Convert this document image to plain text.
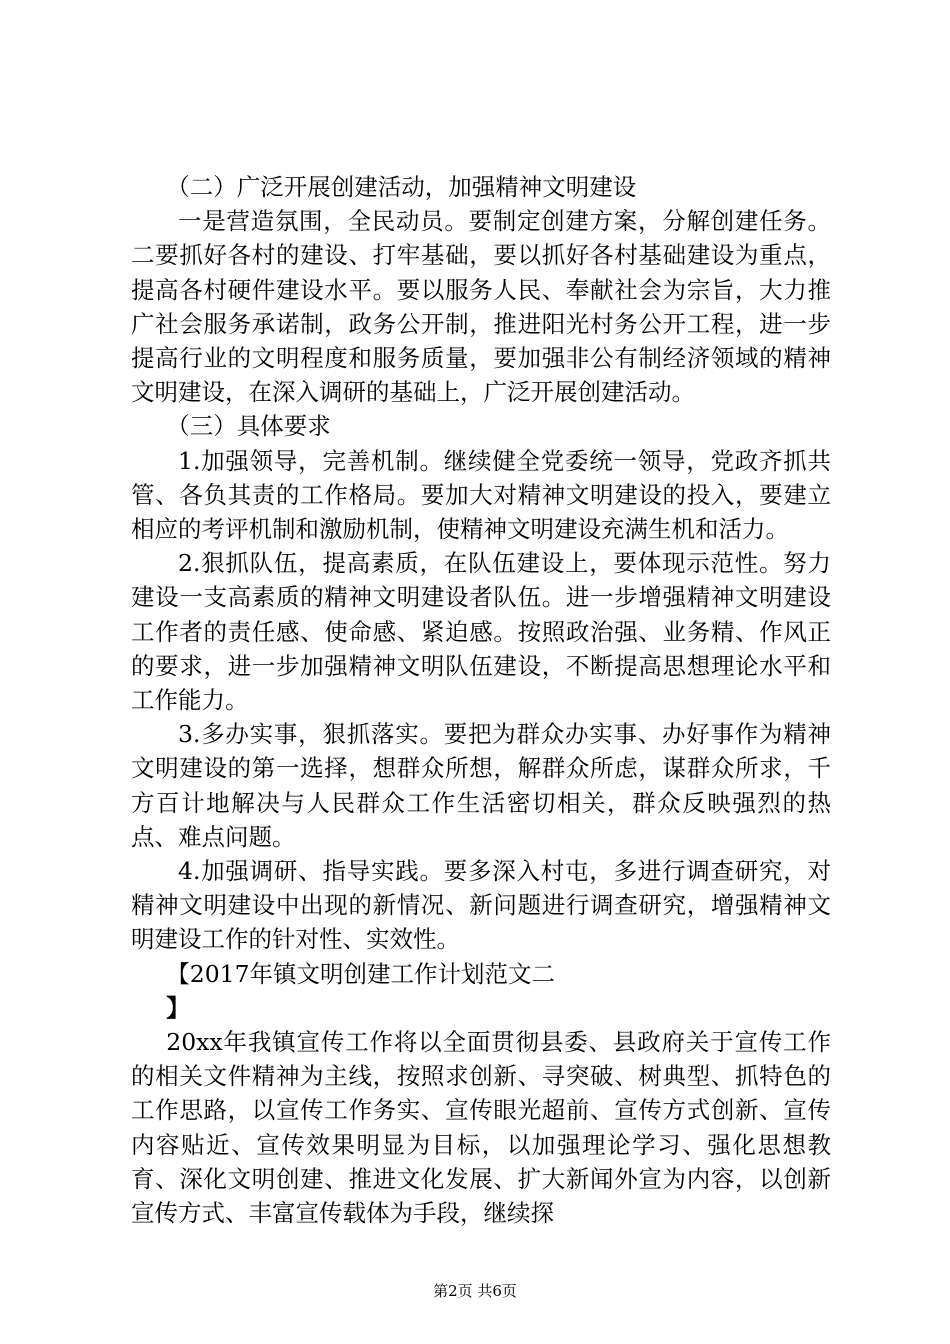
（二）广泛开展创建活动，加强精神文明建设

一是营造氛围，全民动员。要制定创建方案，分解创建任务。二要抓好各村的建设、打牢基础，要以抓好各村基础建设为重点，提高各村硬件建设水平。要以服务人民、奉献社会为宗旨，大力推广社会服务承诺制，政务公开制，推进阳光村务公开工程，进一步提高行业的文明程度和服务质量，要加强非公有制经济领域的精神文明建设，在深入调研的基础上，广泛开展创建活动。

（三）具体要求

1.加强领导，完善机制。继续健全党委统一领导，党政齐抓共管、各负其责的工作格局。要加大对精神文明建设的投入，要建立相应的考评机制和激励机制，使精神文明建设充满生机和活力。

2.狠抓队伍，提高素质，在队伍建设上，要体现示范性。努力建设一支高素质的精神文明建设者队伍。进一步增强精神文明建设工作者的责任感、使命感、紧迫感。按照政治强、业务精、作风正的要求，进一步加强精神文明队伍建设，不断提高思想理论水平和工作能力。

3.多办实事，狠抓落实。要把为群众办实事、办好事作为精神文明建设的第一选择，想群众所想，解群众所虑，谋群众所求，千方百计地解决与人民群众工作生活密切相关，群众反映强烈的热点、难点问题。

4.加强调研、指导实践。要多深入村屯，多进行调查研究，对精神文明建设中出现的新情况、新问题进行调查研究，增强精神文明建设工作的针对性、实效性。

【2017年镇文明创建工作计划范文二

】

20xx年我镇宣传工作将以全面贯彻县委、县政府关于宣传工作的相关文件精神为主线，按照求创新、寻突破、树典型、抓特色的工作思路，以宣传工作务实、宣传眼光超前、宣传方式创新、宣传内容贴近、宣传效果明显为目标，以加强理论学习、强化思想教育、深化文明创建、推进文化发展、扩大新闻外宣为内容，以创新宣传方式、丰富宣传载体为手段，继续探

第2页 共6页
